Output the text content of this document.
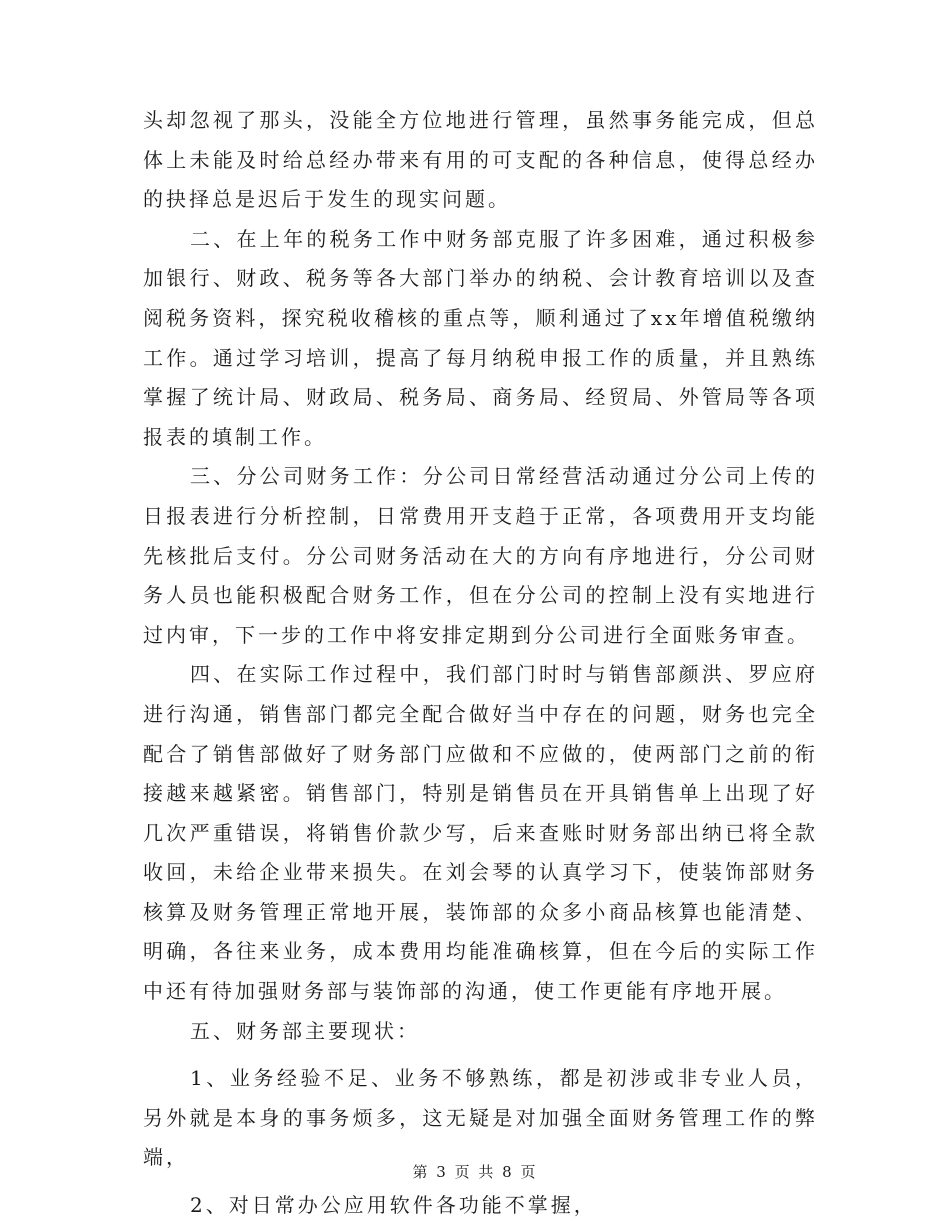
头却忽视了那头，没能全方位地进行管理，虽然事务能完成，但总体上未能及时给总经办带来有用的可支配的各种信息，使得总经办的抉择总是迟后于发生的现实问题。

二、在上年的税务工作中财务部克服了许多困难，通过积极参加银行、财政、税务等各大部门举办的纳税、会计教育培训以及查阅税务资料，探究税收稽核的重点等，顺利通过了xx年增值税缴纳工作。通过学习培训，提高了每月纳税申报工作的质量，并且熟练掌握了统计局、财政局、税务局、商务局、经贸局、外管局等各项报表的填制工作。

三、分公司财务工作：分公司日常经营活动通过分公司上传的日报表进行分析控制，日常费用开支趋于正常，各项费用开支均能先核批后支付。分公司财务活动在大的方向有序地进行，分公司财务人员也能积极配合财务工作，但在分公司的控制上没有实地进行过内审，下一步的工作中将安排定期到分公司进行全面账务审查。

四、在实际工作过程中，我们部门时时与销售部颜洪、罗应府进行沟通，销售部门都完全配合做好当中存在的问题，财务也完全配合了销售部做好了财务部门应做和不应做的，使两部门之前的衔接越来越紧密。销售部门，特别是销售员在开具销售单上出现了好几次严重错误，将销售价款少写，后来查账时财务部出纳已将全款收回，未给企业带来损失。在刘会琴的认真学习下，使装饰部财务核算及财务管理正常地开展，装饰部的众多小商品核算也能清楚、明确，各往来业务，成本费用均能准确核算，但在今后的实际工作中还有待加强财务部与装饰部的沟通，使工作更能有序地开展。

五、财务部主要现状：

1、业务经验不足、业务不够熟练，都是初涉或非专业人员，另外就是本身的事务烦多，这无疑是对加强全面财务管理工作的弊端，

2、对日常办公应用软件各功能不掌握，

第 3 页 共 8 页
